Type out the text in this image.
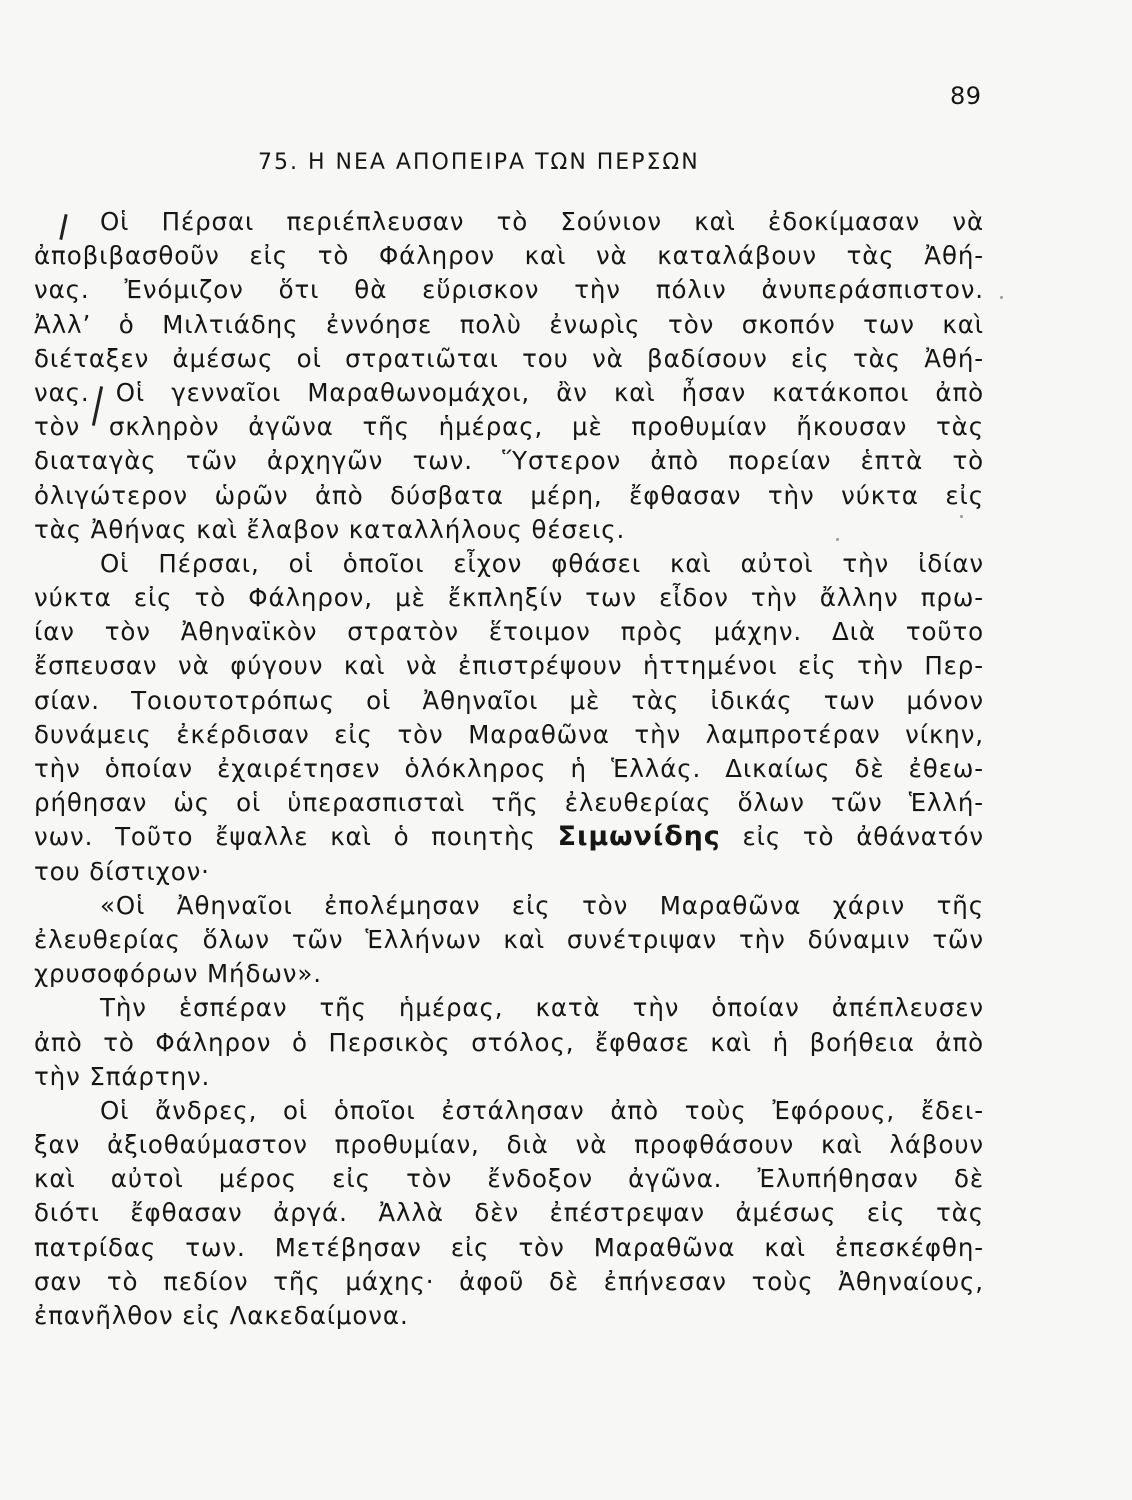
89
75. Η ΝΕΑ ΑΠΟΠΕΙΡΑ ΤΩΝ ΠΕΡΣΩΝ
Οἱ Πέρσαι περιέπλευσαν τὸ Σούνιον καὶ ἐδοκίμασαν νὰ
ἀποβιβασθοῦν εἰς τὸ Φάληρον καὶ νὰ καταλάβουν τὰς Ἀθή-
νας. Ἐνόμιζον ὅτι θὰ εὕρισκον τὴν πόλιν ἀνυπεράσπιστον.
Ἀλλ’ ὁ Μιλτιάδης ἐννόησε πολὺ ἐνωρὶς τὸν σκοπόν των καὶ
διέταξεν ἀμέσως οἱ στρατιῶται του νὰ βαδίσουν εἰς τὰς Ἀθή-
νας. Οἱ γενναῖοι Μαραθωνομάχοι, ἂν καὶ ἦσαν κατάκοποι ἀπὸ
τὸν σκληρὸν ἀγῶνα τῆς ἡμέρας, μὲ προθυμίαν ἤκουσαν τὰς
διαταγὰς τῶν ἀρχηγῶν των. Ὕστερον ἀπὸ πορείαν ἑπτὰ τὸ
ὀλιγώτερον ὡρῶν ἀπὸ δύσβατα μέρη, ἔφθασαν τὴν νύκτα εἰς
τὰς Ἀθήνας καὶ ἔλαβον καταλλήλους θέσεις.
Οἱ Πέρσαι, οἱ ὁποῖοι εἶχον φθάσει καὶ αὐτοὶ τὴν ἰδίαν
νύκτα εἰς τὸ Φάληρον, μὲ ἔκπληξίν των εἶδον τὴν ἄλλην πρω-
ίαν τὸν Ἀθηναϊκὸν στρατὸν ἕτοιμον πρὸς μάχην. Διὰ τοῦτο
ἔσπευσαν νὰ φύγουν καὶ νὰ ἐπιστρέψουν ἡττημένοι εἰς τὴν Περ-
σίαν. Τοιουτοτρόπως οἱ Ἀθηναῖοι μὲ τὰς ἰδικάς των μόνον
δυνάμεις ἐκέρδισαν εἰς τὸν Μαραθῶνα τὴν λαμπροτέραν νίκην,
τὴν ὁποίαν ἐχαιρέτησεν ὁλόκληρος ἡ Ἑλλάς. Δικαίως δὲ ἐθεω-
ρήθησαν ὡς οἱ ὑπερασπισταὶ τῆς ἐλευθερίας ὅλων τῶν Ἑλλή-
νων. Τοῦτο ἔψαλλε καὶ ὁ ποιητὴς Σιμωνίδης εἰς τὸ ἀθάνατόν
του δίστιχον·
«Οἱ Ἀθηναῖοι ἐπολέμησαν εἰς τὸν Μαραθῶνα χάριν τῆς
ἐλευθερίας ὅλων τῶν Ἑλλήνων καὶ συνέτριψαν τὴν δύναμιν τῶν
χρυσοφόρων Μήδων».
Τὴν ἑσπέραν τῆς ἡμέρας, κατὰ τὴν ὁποίαν ἀπέπλευσεν
ἀπὸ τὸ Φάληρον ὁ Περσικὸς στόλος, ἔφθασε καὶ ἡ βοήθεια ἀπὸ
τὴν Σπάρτην.
Οἱ ἄνδρες, οἱ ὁποῖοι ἐστάλησαν ἀπὸ τοὺς Ἐφόρους, ἔδει-
ξαν ἀξιοθαύμαστον προθυμίαν, διὰ νὰ προφθάσουν καὶ λάβουν
καὶ αὐτοὶ μέρος εἰς τὸν ἔνδοξον ἀγῶνα. Ἐλυπήθησαν δὲ
διότι ἔφθασαν ἀργά. Ἀλλὰ δὲν ἐπέστρεψαν ἀμέσως εἰς τὰς
πατρίδας των. Μετέβησαν εἰς τὸν Μαραθῶνα καὶ ἐπεσκέφθη-
σαν τὸ πεδίον τῆς μάχης· ἀφοῦ δὲ ἐπήνεσαν τοὺς Ἀθηναίους,
ἐπανῆλθον εἰς Λακεδαίμονα.
